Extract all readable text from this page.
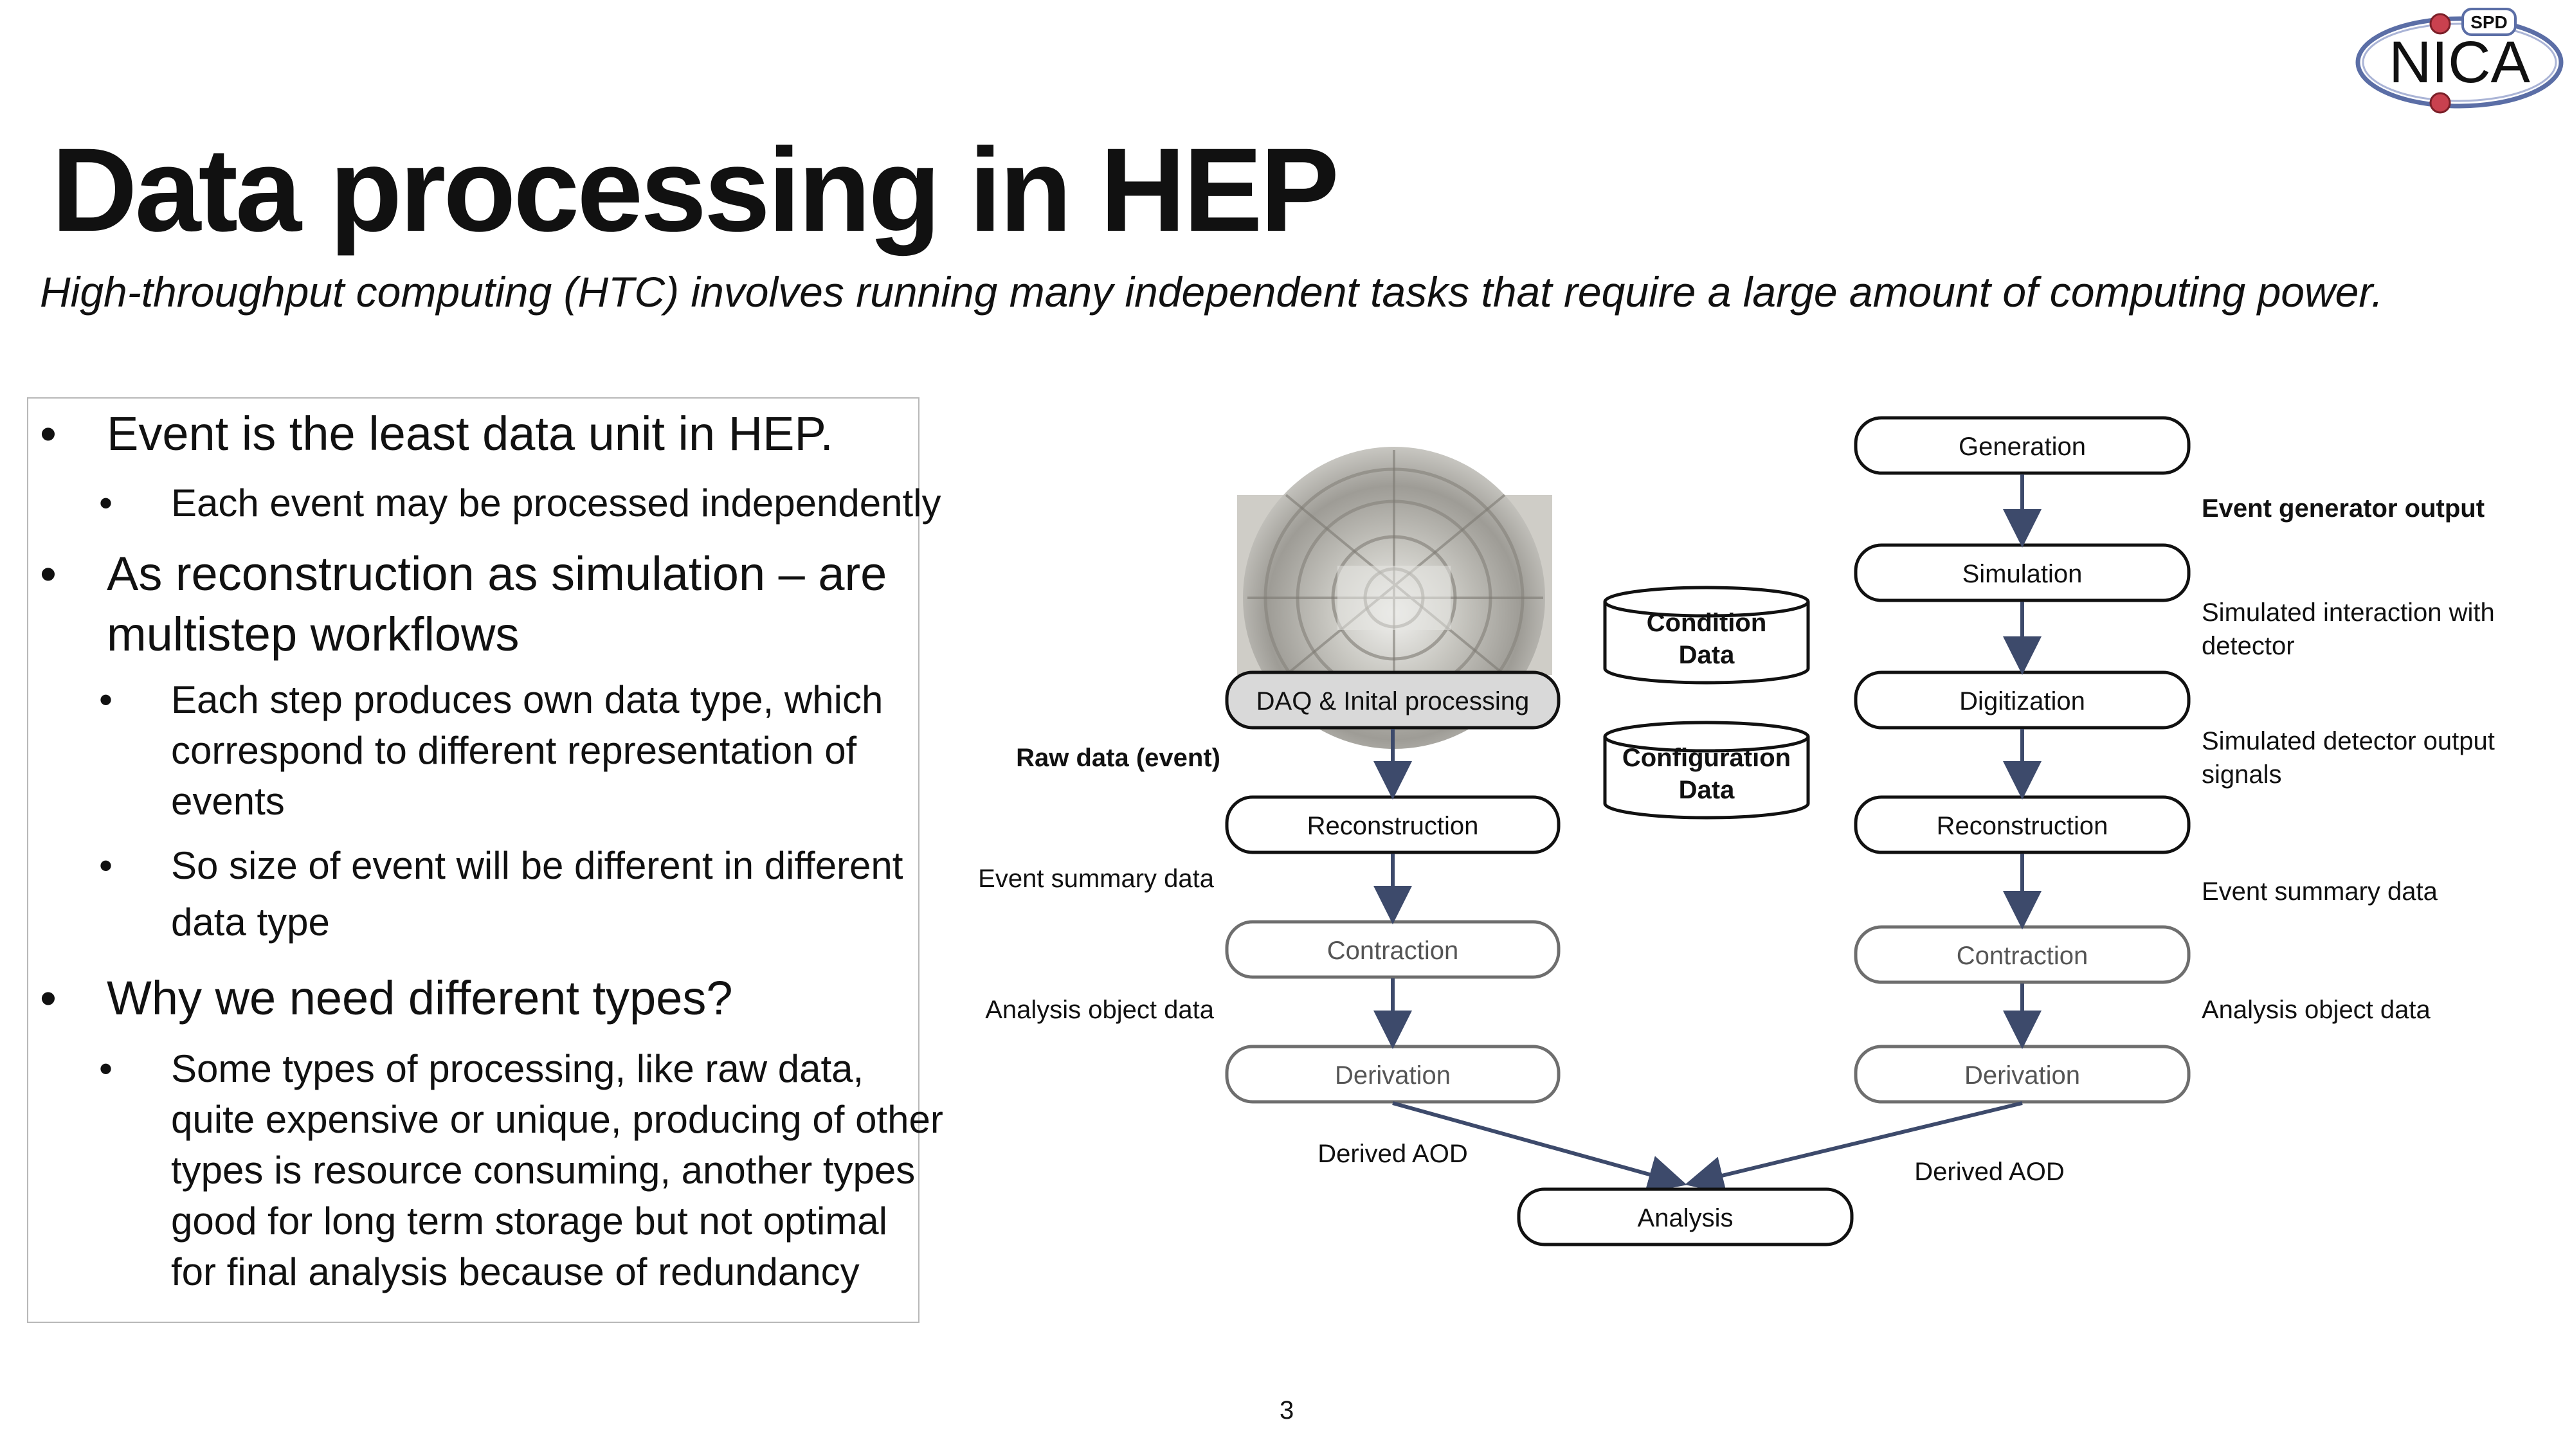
Data processing in HEP
High-throughput computing (HTC) involves running many independent tasks that require a large amount of computing power.
SPD
NICA
• Event is the least data unit in HEP.
• Each event may be processed independently
• As reconstruction as simulation – are
multistep workflows
• Each step produces own data type, which
correspond to different representation of
events
• So size of event will be different in different
data type
• Why we need different types?
• Some types of processing, like raw data,
quite expensive or unique, producing of other
types is resource consuming, another types
good for long term storage but not optimal
for final analysis because of redundancy
DAQ & Inital processing
Reconstruction
Contraction
Derivation
Raw data (event)
Event summary data
Analysis object data
Derived AOD
Condition
Data
Configuration
Data
Generation
Simulation
Digitization
Reconstruction
Contraction
Derivation
Event generator output
Simulated interaction with
detector
Simulated detector output
signals
Event summary data
Analysis object data
Derived AOD
Analysis
3
